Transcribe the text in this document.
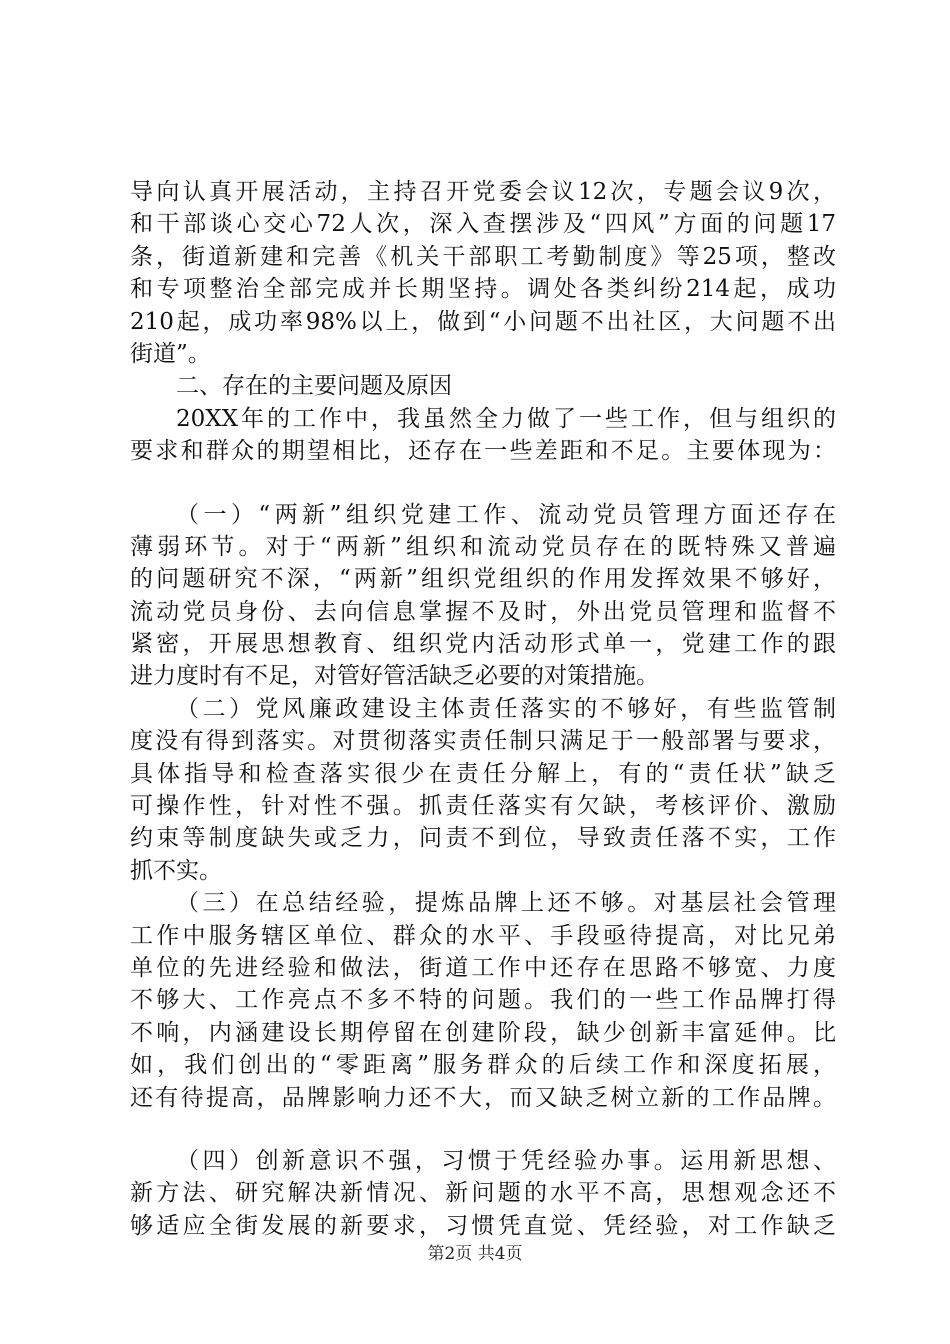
导向认真开展活动，主持召开党委会议12次，专题会议9次，
和干部谈心交心72人次，深入查摆涉及“四风”方面的问题17
条，街道新建和完善《机关干部职工考勤制度》等25项，整改
和专项整治全部完成并长期坚持。调处各类纠纷214起，成功
210起，成功率98%以上，做到“小问题不出社区，大问题不出
街道”。
二、存在的主要问题及原因
20XX年的工作中，我虽然全力做了一些工作，但与组织的
要求和群众的期望相比，还存在一些差距和不足。主要体现为：
（一）“两新”组织党建工作、流动党员管理方面还存在
薄弱环节。对于“两新”组织和流动党员存在的既特殊又普遍
的问题研究不深，“两新”组织党组织的作用发挥效果不够好，
流动党员身份、去向信息掌握不及时，外出党员管理和监督不
紧密，开展思想教育、组织党内活动形式单一，党建工作的跟
进力度时有不足，对管好管活缺乏必要的对策措施。
（二）党风廉政建设主体责任落实的不够好，有些监管制
度没有得到落实。对贯彻落实责任制只满足于一般部署与要求，
具体指导和检查落实很少在责任分解上，有的“责任状”缺乏
可操作性，针对性不强。抓责任落实有欠缺，考核评价、激励
约束等制度缺失或乏力，问责不到位，导致责任落不实，工作
抓不实。
（三）在总结经验，提炼品牌上还不够。对基层社会管理
工作中服务辖区单位、群众的水平、手段亟待提高，对比兄弟
单位的先进经验和做法，街道工作中还存在思路不够宽、力度
不够大、工作亮点不多不特的问题。我们的一些工作品牌打得
不响，内涵建设长期停留在创建阶段，缺少创新丰富延伸。比
如，我们创出的“零距离”服务群众的后续工作和深度拓展，
还有待提高，品牌影响力还不大，而又缺乏树立新的工作品牌。
（四）创新意识不强，习惯于凭经验办事。运用新思想、
新方法、研究解决新情况、新问题的水平不高，思想观念还不
够适应全街发展的新要求，习惯凭直觉、凭经验，对工作缺乏
第2页 共4页
